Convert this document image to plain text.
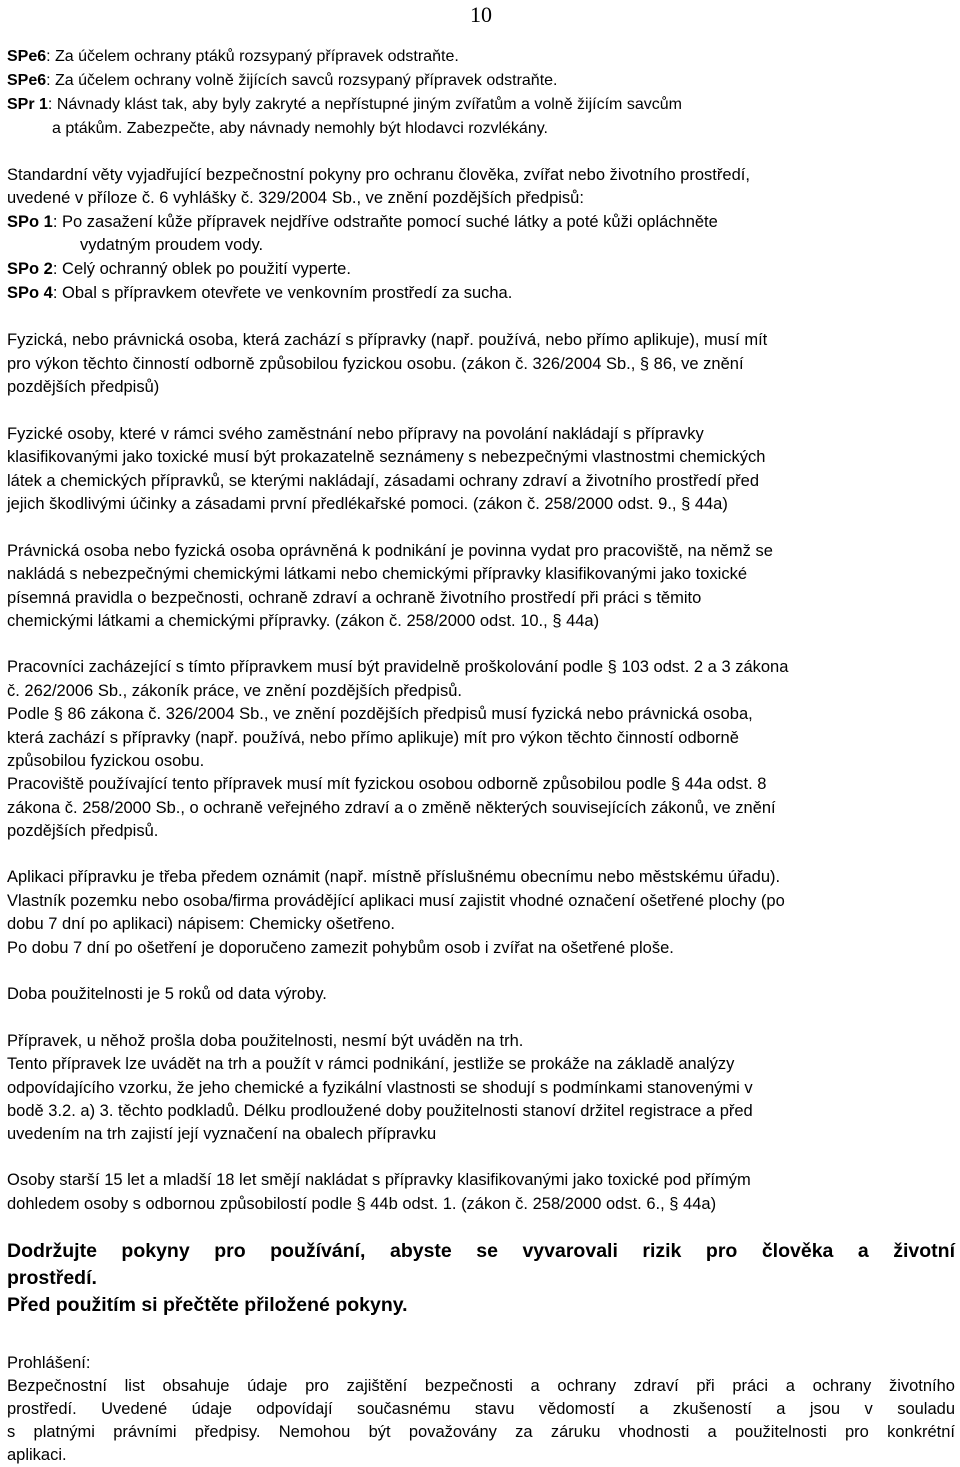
10
SPe6: Za účelem ochrany ptáků rozsypaný přípravek odstraňte.
SPe6: Za účelem ochrany volně žijících savců rozsypaný přípravek odstraňte.
SPr 1: Návnady klást tak, aby byly zakryté a nepřístupné jiným zvířatům a volně žijícím savcům
a ptákům. Zabezpečte, aby návnady nemohly být hlodavci rozvlékány.
Standardní věty vyjadřující bezpečnostní pokyny pro ochranu člověka, zvířat nebo životního prostředí,
uvedené v příloze č. 6 vyhlášky č. 329/2004 Sb., ve znění pozdějších předpisů:
SPo 1: Po zasažení kůže přípravek nejdříve odstraňte pomocí suché látky a poté kůži opláchněte
vydatným proudem vody.
SPo 2: Celý ochranný oblek po použití vyperte.
SPo 4: Obal s přípravkem otevřete ve venkovním prostředí za sucha.
Fyzická, nebo právnická osoba, která zachází s přípravky (např. používá, nebo přímo aplikuje), musí mít
pro výkon těchto činností odborně způsobilou fyzickou osobu. (zákon č. 326/2004 Sb., § 86, ve znění
pozdějších předpisů)
Fyzické osoby, které v rámci svého zaměstnání nebo přípravy na povolání nakládají s přípravky
klasifikovanými jako toxické musí být prokazatelně seznámeny s nebezpečnými vlastnostmi chemických
látek a chemických přípravků, se kterými nakládají, zásadami ochrany zdraví a životního prostředí před
jejich škodlivými účinky a zásadami první předlékařské pomoci. (zákon č. 258/2000 odst. 9., § 44a)
Právnická osoba nebo fyzická osoba oprávněná k podnikání je povinna vydat pro pracoviště, na němž se
nakládá s nebezpečnými chemickými látkami nebo chemickými přípravky klasifikovanými jako toxické
písemná pravidla o bezpečnosti, ochraně zdraví a ochraně životního prostředí při práci s těmito
chemickými látkami a chemickými přípravky. (zákon č. 258/2000 odst. 10., § 44a)
Pracovníci zacházející s tímto přípravkem musí být pravidelně proškolování podle § 103 odst. 2 a 3 zákona
č. 262/2006 Sb., zákoník práce, ve znění pozdějších předpisů.
Podle § 86 zákona č. 326/2004 Sb., ve znění pozdějších předpisů musí fyzická nebo právnická osoba,
která zachází s přípravky (např. používá, nebo přímo aplikuje) mít pro výkon těchto činností odborně
způsobilou fyzickou osobu.
Pracoviště používající tento přípravek musí mít fyzickou osobou odborně způsobilou podle § 44a odst. 8
zákona č. 258/2000 Sb., o ochraně veřejného zdraví a o změně některých souvisejících zákonů, ve znění
pozdějších předpisů.
Aplikaci přípravku je třeba předem oznámit (např. místně příslušnému obecnímu nebo městskému úřadu).
Vlastník pozemku nebo osoba/firma provádějící aplikaci musí zajistit vhodné označení ošetřené plochy (po
dobu 7 dní po aplikaci) nápisem: Chemicky ošetřeno.
Po dobu 7 dní po ošetření je doporučeno zamezit pohybům osob i zvířat na ošetřené ploše.
Doba použitelnosti je 5 roků od data výroby.
Přípravek, u něhož prošla doba použitelnosti, nesmí být uváděn na trh.
Tento přípravek lze uvádět na trh a použít v rámci podnikání, jestliže se prokáže na základě analýzy
odpovídajícího vzorku, že jeho chemické a fyzikální vlastnosti se shodují s podmínkami stanovenými v
bodě 3.2. a) 3. těchto podkladů. Délku prodloužené doby použitelnosti stanoví držitel registrace a před
uvedením na trh zajistí její vyznačení na obalech přípravku
Osoby starší 15 let a mladší 18 let smějí nakládat s přípravky klasifikovanými jako toxické pod přímým
dohledem osoby s odbornou způsobilostí podle § 44b odst. 1. (zákon č. 258/2000 odst. 6., § 44a)
Dodržujte pokyny pro používání, abyste se vyvarovali rizik pro člověka a životní
prostředí.
Před použitím si přečtěte přiložené pokyny.
Prohlášení:
Bezpečnostní list obsahuje údaje pro zajištění bezpečnosti a ochrany zdraví při práci a ochrany životního
prostředí. Uvedené údaje odpovídají současnému stavu vědomostí a zkušeností a jsou v souladu
s platnými právními předpisy. Nemohou být považovány za záruku vhodnosti a použitelnosti pro konkrétní
aplikaci.
